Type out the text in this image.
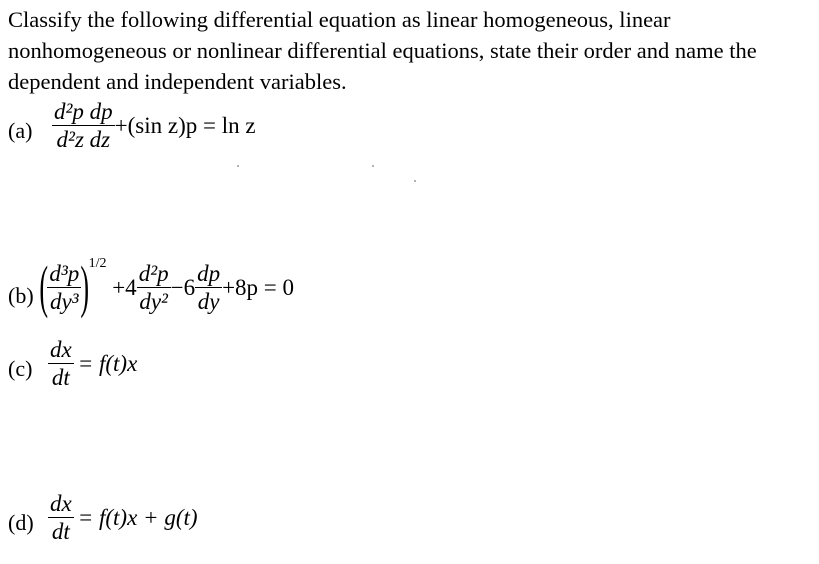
Classify the following differential equation as linear homogeneous, linear nonhomogeneous or nonlinear differential equations, state their order and name the dependent and independent variables.
$(a) \frac{\text{d²p dp}}{\text{d²z dz}} +(\sin$ z)p = ln z
(b) ( $\frac{\text{d³p}}{\text{dy³}} )1/2 +4 \frac{\text{d²p}}{\text{dy²}} -6 \frac{dp}{dy} +8p = 0$
$(c) \frac{dx}{dt} = f(t)x$
$(d) \frac{dx}{dt} = f(t)x + g(t)$
